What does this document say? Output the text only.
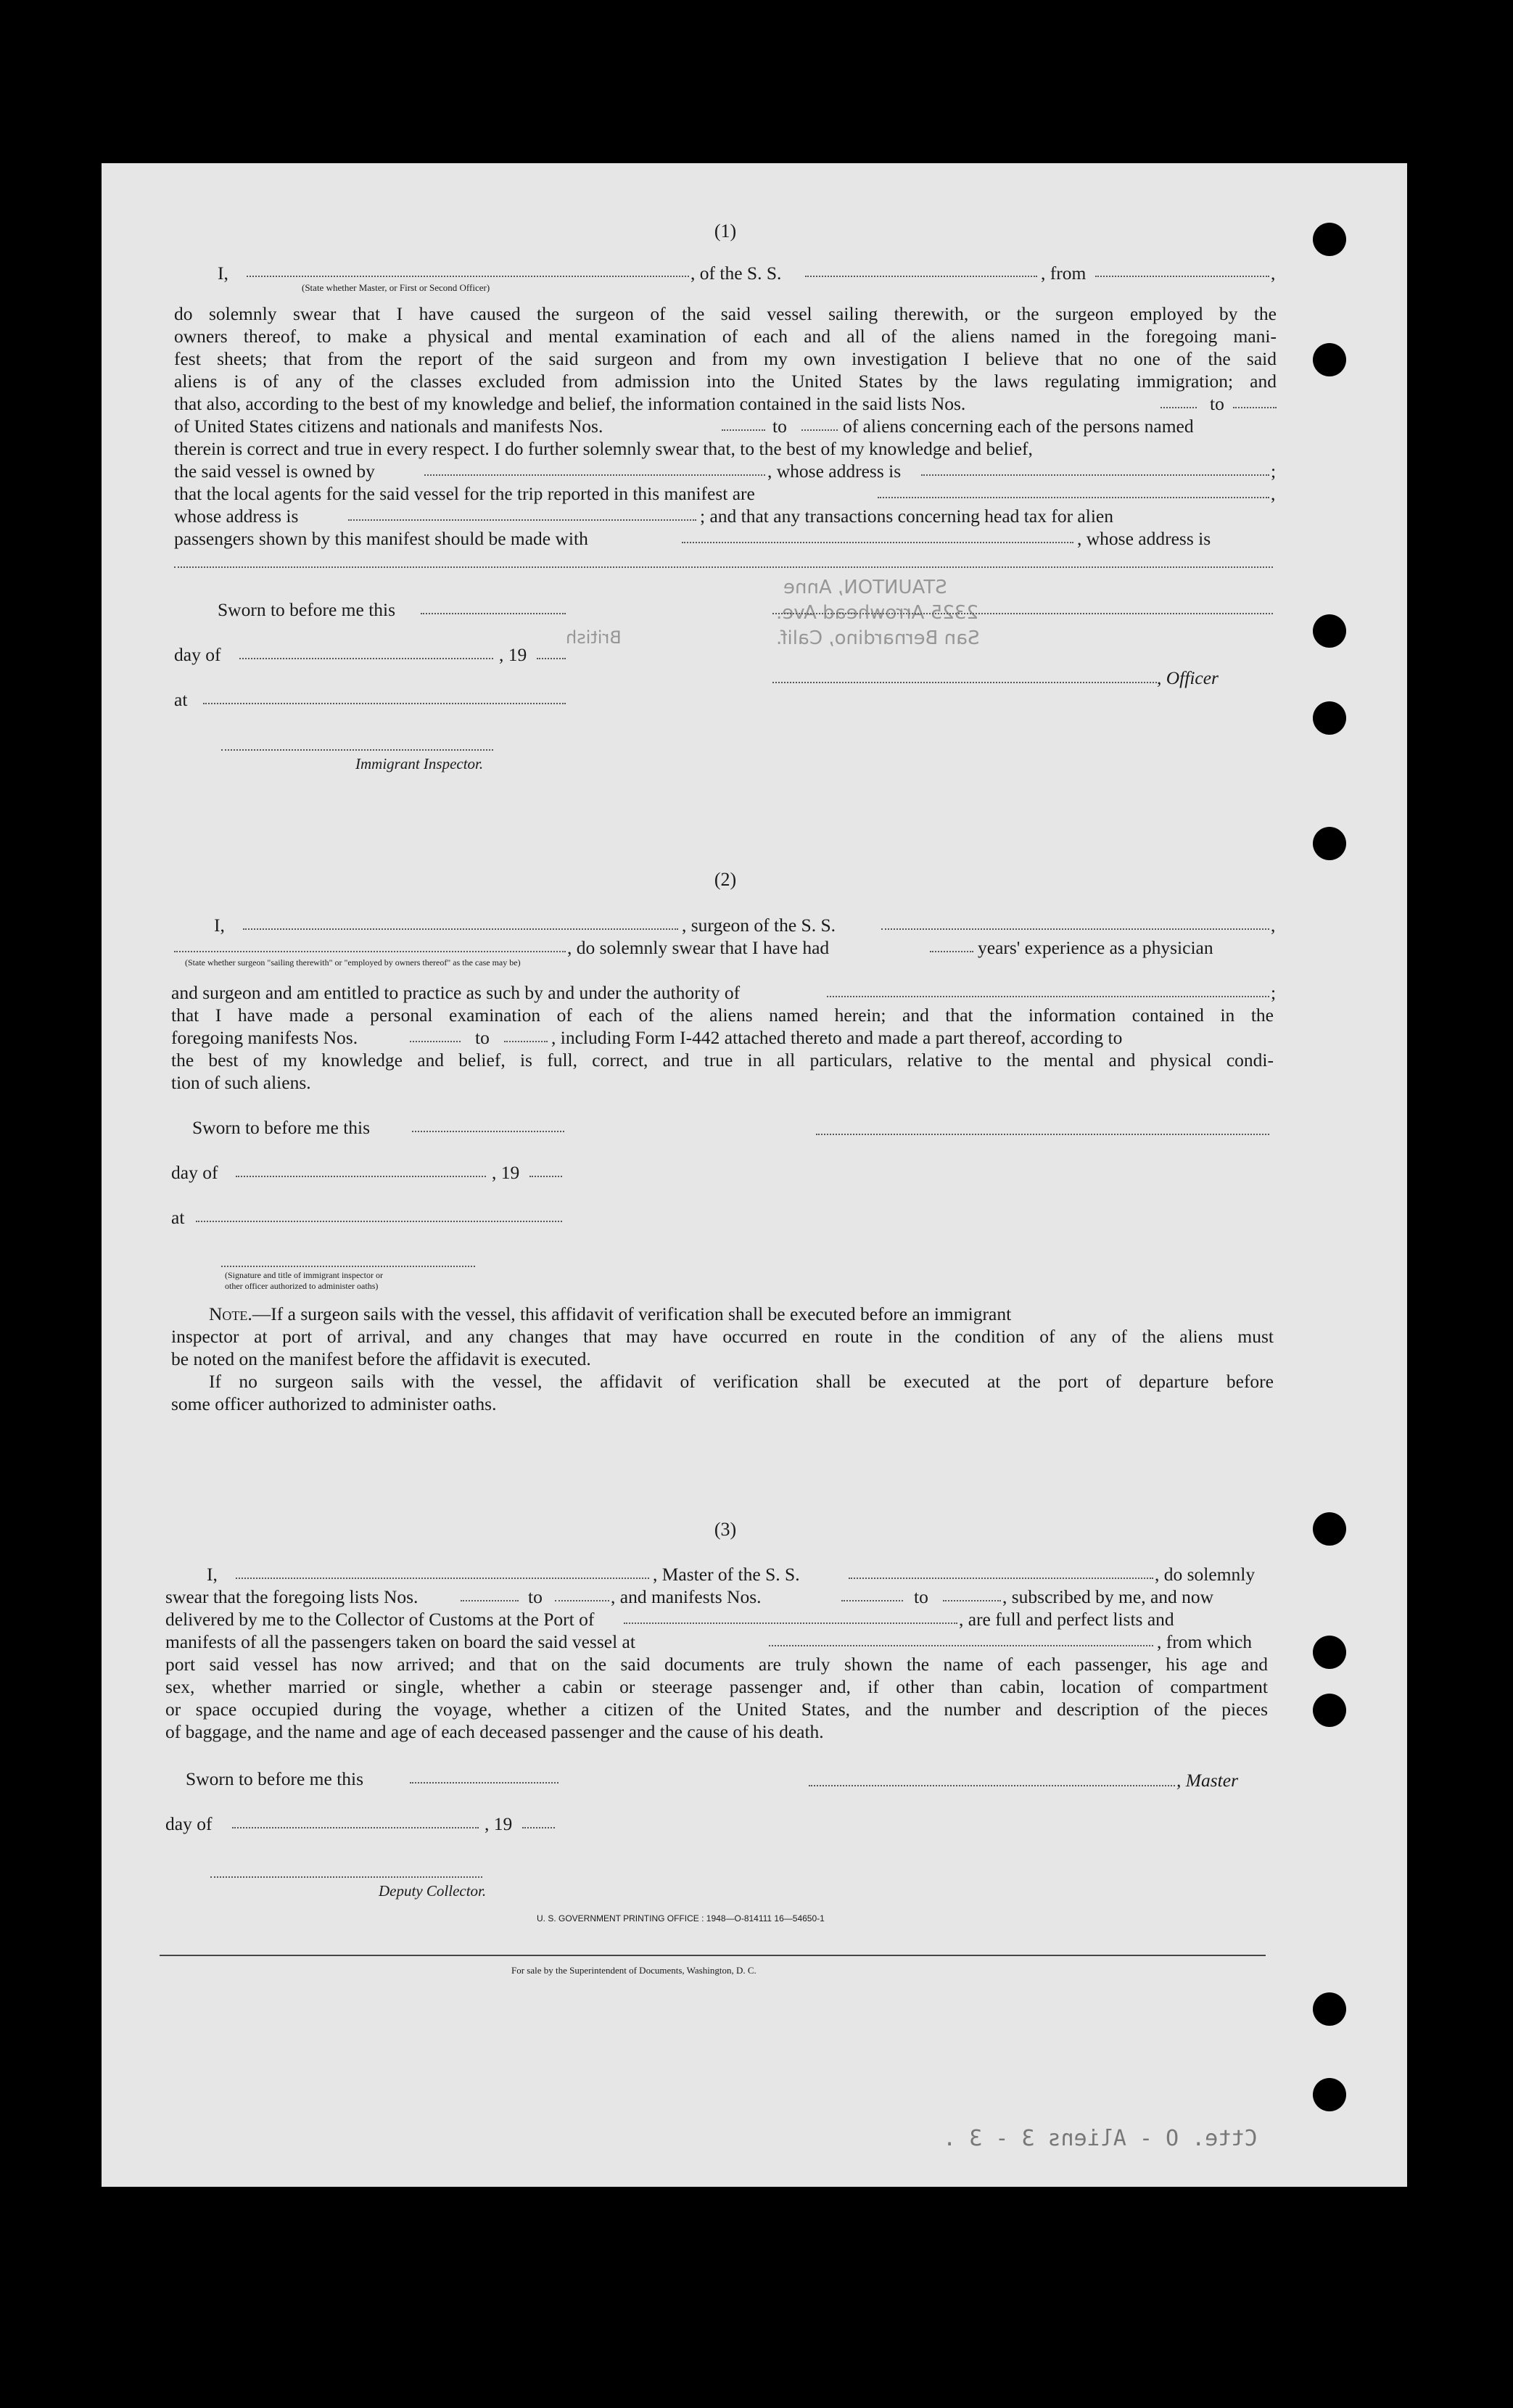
STAUNTON, Anne
2325 Arrowhead Ave.
San Bernardino, Calif.
British
(1)
I,
(State whether Master, or First or Second Officer)
, of the S. S.	, from	,
do solemnly swear that I have caused the surgeon of the said vessel sailing therewith, or the surgeon employed by the
owners thereof, to make a physical and mental examination of each and all of the aliens named in the foregoing mani-
fest sheets; that from the report of the said surgeon and from my own investigation I believe that no one of the said
aliens is of any of the classes excluded from admission into the United States by the laws regulating immigration; and
that also, according to the best of my knowledge and belief, the information contained in the said lists Nos.	to
of United States citizens and nationals and manifests Nos.	to	of aliens concerning each of the persons named
therein is correct and true in every respect. I do further solemnly swear that, to the best of my knowledge and belief,
the said vessel is owned by	, whose address is	;
that the local agents for the said vessel for the trip reported in this manifest are	,
whose address is	; and that any transactions concerning head tax for alien
passengers shown by this manifest should be made with	, whose address is
Sworn to before me this
day of	, 19
, Officer
at
Immigrant Inspector.
(2)
I,	, surgeon of the S. S.	,
, do solemnly swear that I have had	years' experience as a physician
(State whether surgeon "sailing therewith" or "employed by owners thereof" as the case may be)
and surgeon and am entitled to practice as such by and under the authority of	;
that I have made a personal examination of each of the aliens named herein; and that the information contained in the
foregoing manifests Nos.	to	, including Form I-442 attached thereto and made a part thereof, according to
the best of my knowledge and belief, is full, correct, and true in all particulars, relative to the mental and physical condi-
tion of such aliens.
Sworn to before me this
day of	, 19
at
(Signature and title of immigrant inspector or
other officer authorized to administer oaths)
Note.—If a surgeon sails with the vessel, this affidavit of verification shall be executed before an immigrant
inspector at port of arrival, and any changes that may have occurred en route in the condition of any of the aliens must
be noted on the manifest before the affidavit is executed.
If no surgeon sails with the vessel, the affidavit of verification shall be executed at the port of departure before
some officer authorized to administer oaths.
(3)
I,	, Master of the S. S.	, do solemnly
swear that the foregoing lists Nos.	to	, and manifests Nos.	to	, subscribed by me, and now
delivered by me to the Collector of Customs at the Port of	, are full and perfect lists and
manifests of all the passengers taken on board the said vessel at	, from which
port said vessel has now arrived; and that on the said documents are truly shown the name of each passenger, his age and
sex, whether married or single, whether a cabin or steerage passenger and, if other than cabin, location of compartment
or space occupied during the voyage, whether a citizen of the United States, and the number and description of the pieces
of baggage, and the name and age of each deceased passenger and the cause of his death.
Sworn to before me this	, Master
day of	, 19
Deputy Collector.
U. S. GOVERNMENT PRINTING OFFICE : 1948—O-814111 16—54650-1
For sale by the Superintendent of Documents, Washington, D. C.
Ctte. O - Aliens 3 - 3 .
